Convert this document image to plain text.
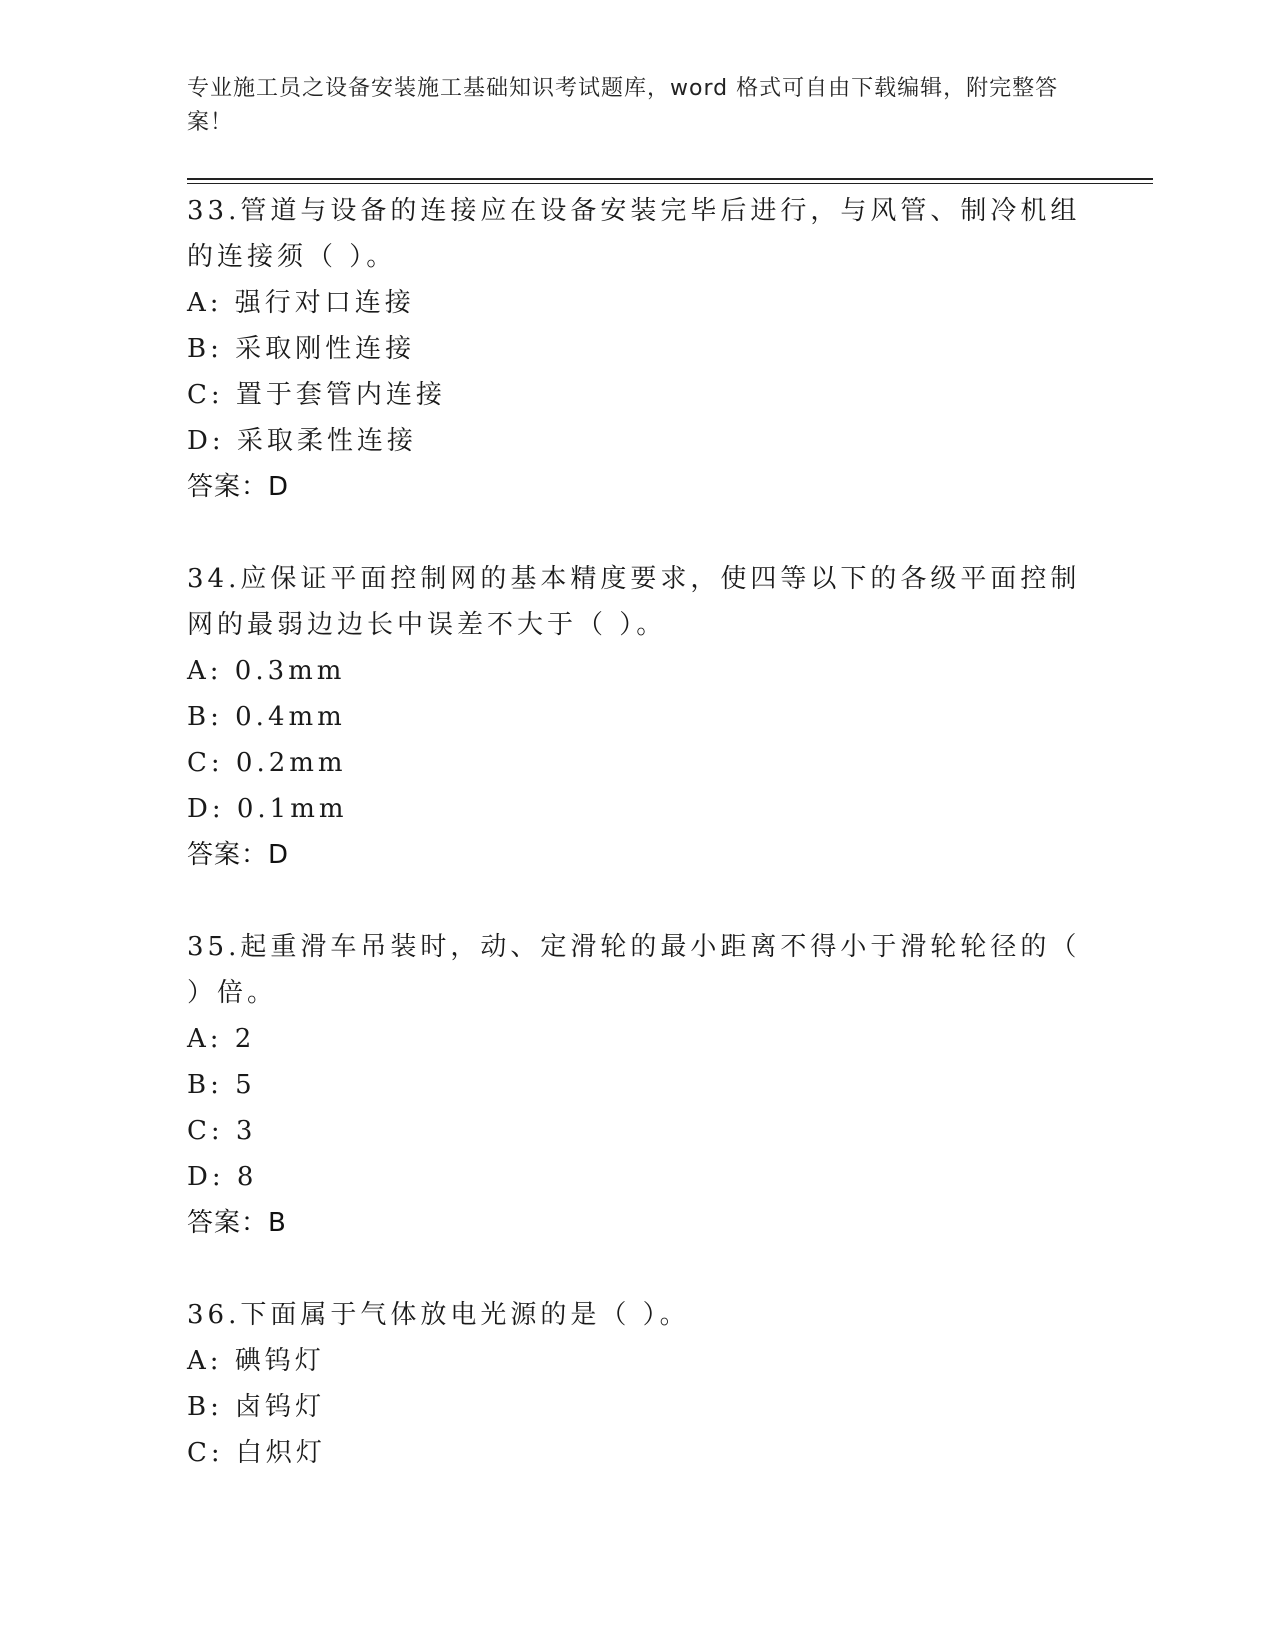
专业施工员之设备安装施工基础知识考试题库，word 格式可自由下载编辑，附完整答案！
33.管道与设备的连接应在设备安装完毕后进行，与风管、制冷机组的连接须（ ）。
A: 强行对口连接
B: 采取刚性连接
C: 置于套管内连接
D: 采取柔性连接
答案：D
34.应保证平面控制网的基本精度要求，使四等以下的各级平面控制网的最弱边边长中误差不大于（ ）。
A: 0.3mm
B: 0.4mm
C: 0.2mm
D: 0.1mm
答案：D
35.起重滑车吊装时，动、定滑轮的最小距离不得小于滑轮轮径的（ ）倍。
A: 2
B: 5
C: 3
D: 8
答案：B
36.下面属于气体放电光源的是（ ）。
A: 碘钨灯
B: 卤钨灯
C: 白炽灯
